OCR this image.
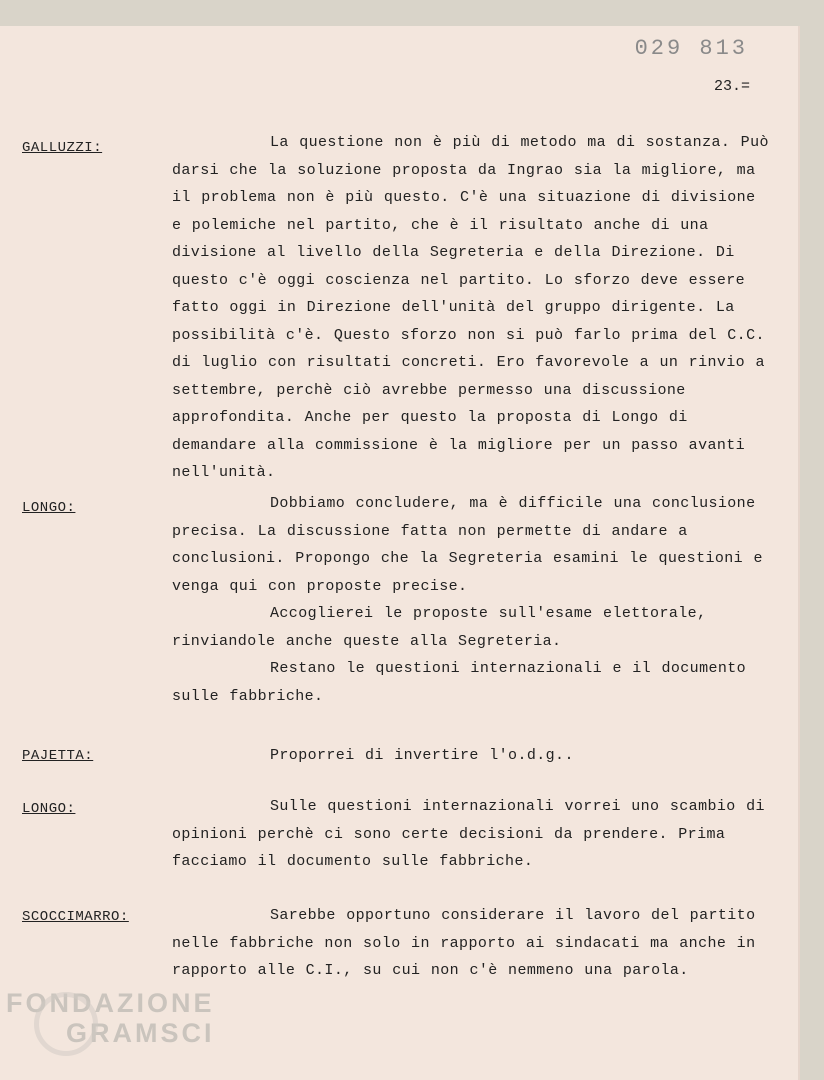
029 813
23.=
GALLUZZI:	La questione non è più di metodo ma di sostanza. Può darsi che la soluzione proposta da Ingrao sia la migliore, ma il problema non è più questo. C'è una situazione di divisione e polemiche nel partito, che è il risultato anche di una divisione al livello della Segreteria e della Direzione. Di questo c'è oggi coscienza nel partito. Lo sforzo deve essere fatto oggi in Direzione dell'unità del gruppo dirigente. La possibilità c'è. Questo sforzo non si può farlo prima del C.C. di luglio con risultati concreti. Ero favorevole a un rinvio a settembre, perchè ciò avrebbe permesso una discussione approfondita. Anche per questo la proposta di Longo di demandare alla commissione è la migliore per un passo avanti nell'unità.

LONGO:	Dobbiamo concludere, ma è difficile una conclusione precisa. La discussione fatta non permette di andare a conclusioni. Propongo che la Segreteria esamini le questioni e venga qui con proposte precise.

Accoglierei le proposte sull'esame elettorale, rinviandole anche queste alla Segreteria.

Restano le questioni internazionali e il documento sulle fabbriche.

PAJETTA:	Proporrei di invertire l'o.d.g..

LONGO:	Sulle questioni internazionali vorrei uno scambio di opinioni perchè ci sono certe decisioni da prendere. Prima facciamo il documento sulle fabbriche.

SCOCCIMARRO:	Sarebbe opportuno considerare il lavoro del partito nelle fabbriche non solo in rapporto ai sindacati ma anche in rapporto alle C.I., su cui non c'è nemmeno una parola.

FONDAZIONE
GRAMSCI
